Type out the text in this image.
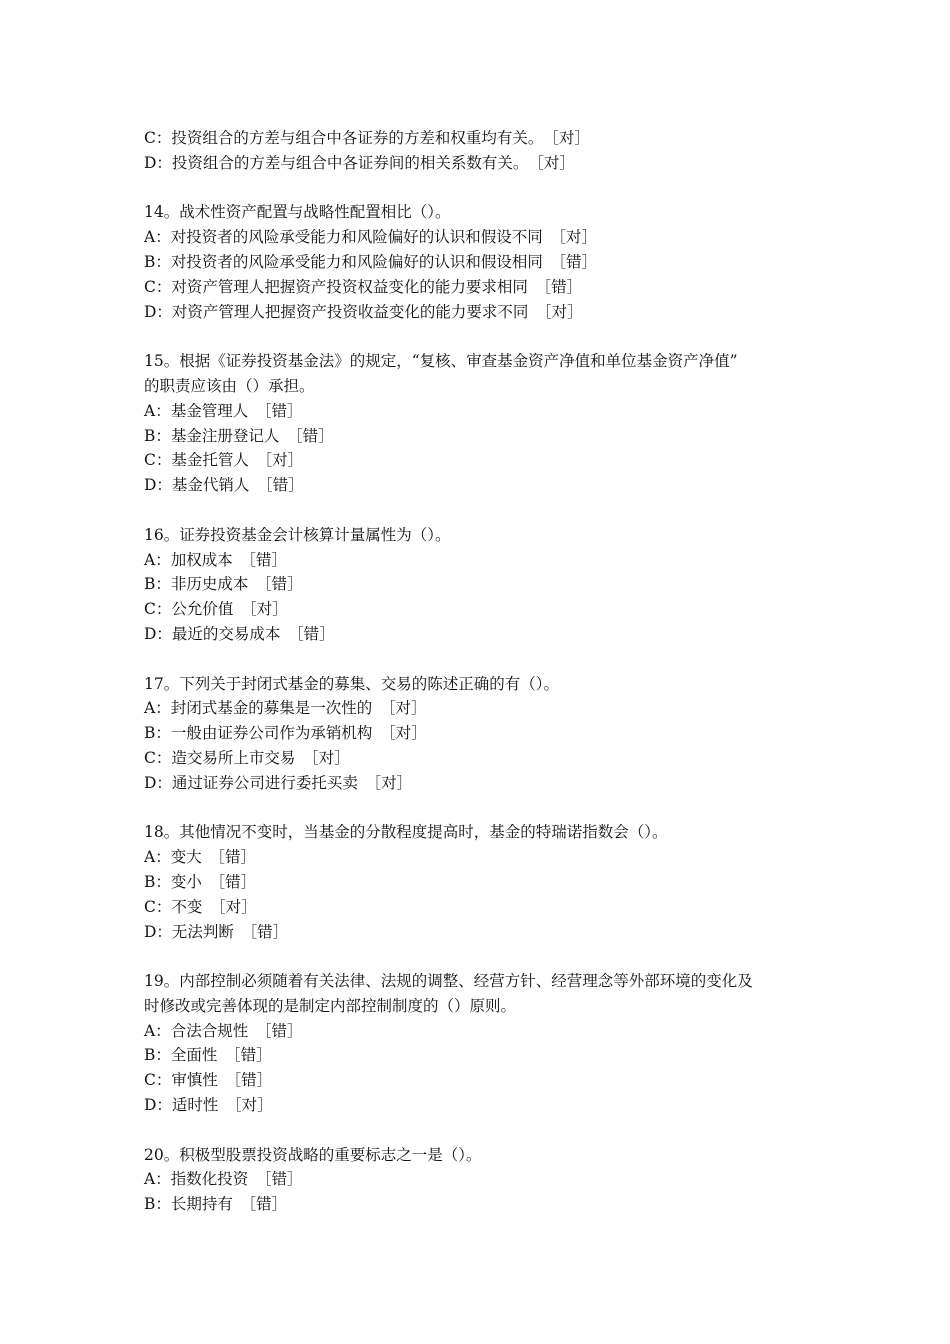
C：投资组合的方差与组合中各证券的方差和权重均有关。　［对］
D：投资组合的方差与组合中各证券间的相关系数有关。　［对］
14。战术性资产配置与战略性配置相比（）。
A：对投资者的风险承受能力和风险偏好的认识和假设不同　［对］
B：对投资者的风险承受能力和风险偏好的认识和假设相同　［错］
C：对资产管理人把握资产投资权益变化的能力要求相同　［错］
D：对资产管理人把握资产投资收益变化的能力要求不同　［对］
15。根据《证券投资基金法》的规定，“复核、审查基金资产净值和单位基金资产净值”
的职责应该由（）承担。
A：基金管理人　［错］
B：基金注册登记人　［错］
C：基金托管人　［对］
D：基金代销人　［错］
16。证券投资基金会计核算计量属性为（）。
A：加权成本　［错］
B：非历史成本　［错］
C：公允价值　［对］
D：最近的交易成本　［错］
17。下列关于封闭式基金的募集、交易的陈述正确的有（）。
A：封闭式基金的募集是一次性的　［对］
B：一般由证券公司作为承销机构　［对］
C：造交易所上市交易　［对］
D：通过证券公司进行委托买卖　［对］
18。其他情况不变时，当基金的分散程度提高时，基金的特瑞诺指数会（）。
A：变大　［错］
B：变小　［错］
C：不变　［对］
D：无法判断　［错］
19。内部控制必须随着有关法律、法规的调整、经营方针、经营理念等外部环境的变化及
时修改或完善体现的是制定内部控制制度的（）原则。
A：合法合规性　［错］
B：全面性　［错］
C：审慎性　［错］
D：适时性　［对］
20。积极型股票投资战略的重要标志之一是（）。
A：指数化投资　［错］
B：长期持有　［错］
